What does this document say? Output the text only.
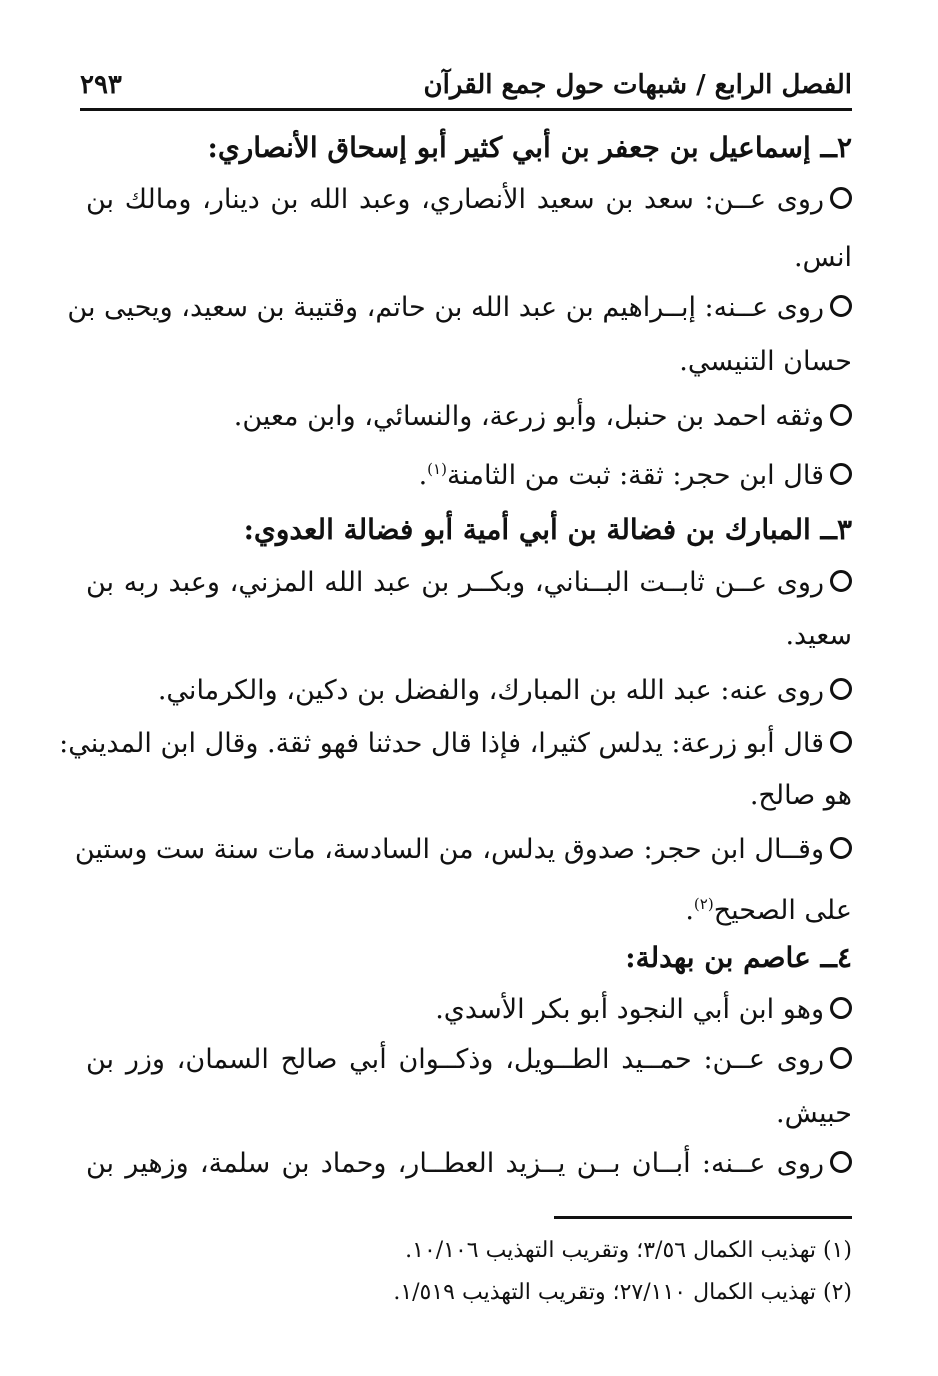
الفصل الرابع / شبهات حول جمع القرآن
٢٩٣
٢ــ إسماعيل بن جعفر بن أبي كثير أبو إسحاق الأنصاري:
روى عــن: سعد بن سعيد الأنصاري، وعبد الله بن دينار، ومالك بن
انس.
روى عــنه: إبــراهيم بن عبد الله بن حاتم، وقتيبة بن سعيد، ويحيى بن
حسان التنيسي.
وثقه احمد بن حنبل، وأبو زرعة، والنسائي، وابن معين.
قال ابن حجر: ثقة: ثبت من الثامنة$^{(١)}$.
٣ــ المبارك بن فضالة بن أبي أمية أبو فضالة العدوي:
روى عــن ثابــت البــناني، وبكــر بن عبد الله المزني، وعبد ربه بن
سعيد.
روى عنه: عبد الله بن المبارك، والفضل بن دكين، والكرماني.
قال أبو زرعة: يدلس كثيرا، فإذا قال حدثنا فهو ثقة. وقال ابن المديني:
هو صالح.
وقــال ابن حجر: صدوق يدلس، من السادسة، مات سنة ست وستين
على الصحيح$^{(٢)}$.
٤ــ عاصم بن بهدلة:
وهو ابن أبي النجود أبو بكر الأسدي.
روى عــن: حمــيد الطــويل، وذكــوان أبي صالح السمان، وزر بن
حبيش.
روى عــنه: أبــان بــن يــزيد العطــار، وحماد بن سلمة، وزهير بن
(١) تهذيب الكمال ٣/٥٦؛ وتقريب التهذيب ١٠/١٠٦.
(٢) تهذيب الكمال ٢٧/١١٠؛ وتقريب التهذيب ١/٥١٩.
